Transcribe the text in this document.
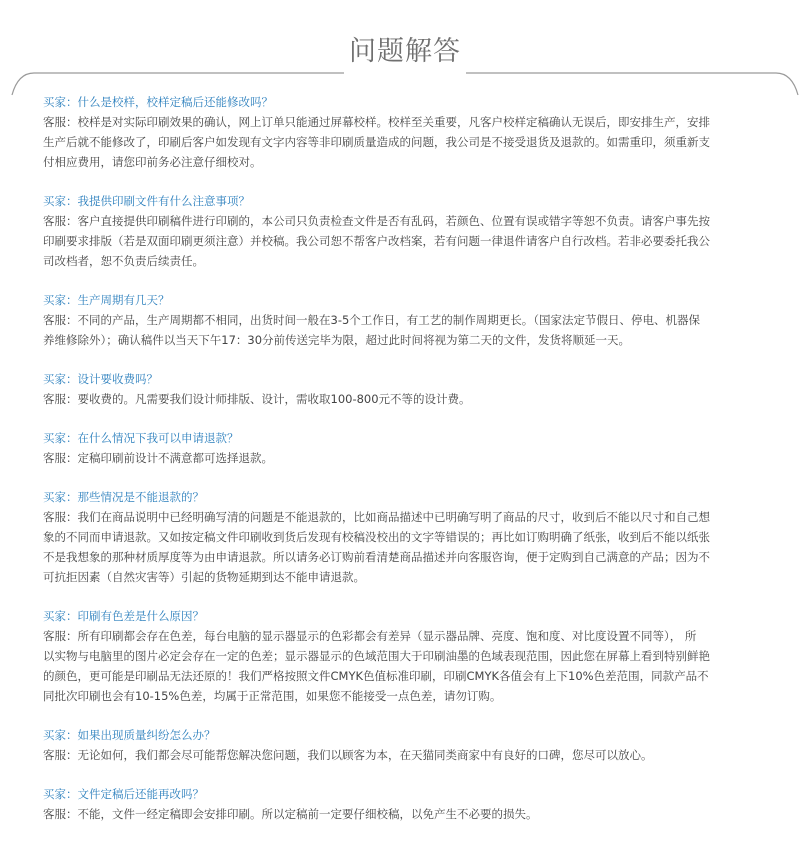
问题解答
买家：什么是校样，校样定稿后还能修改吗？

客服：校样是对实际印刷效果的确认，网上订单只能通过屏幕校样。校样至关重要，凡客户校样定稿确认无误后，即安排生产，安排

生产后就不能修改了，印刷后客户如发现有文字内容等非印刷质量造成的问题，我公司是不接受退货及退款的。如需重印，须重新支

付相应费用，请您印前务必注意仔细校对。

买家：我提供印刷文件有什么注意事项？

客服：客户直接提供印刷稿件进行印刷的，本公司只负责检查文件是否有乱码，若颜色、位置有误或错字等恕不负责。请客户事先按

印刷要求排版（若是双面印刷更须注意）并校稿。我公司恕不帮客户改档案，若有问题一律退件请客户自行改档。若非必要委托我公

司改档者，恕不负责后续责任。

买家：生产周期有几天？

客服：不同的产品，生产周期都不相同，出货时间一般在3-5个工作日，有工艺的制作周期更长。（国家法定节假日、停电、机器保

养维修除外）；确认稿件以当天下午17：30分前传送完毕为限，超过此时间将视为第二天的文件，发货将顺延一天。

买家：设计要收费吗？

客服：要收费的。凡需要我们设计师排版、设计，需收取100-800元不等的设计费。

买家：在什么情况下我可以申请退款？

客服：定稿印刷前设计不满意都可选择退款。

买家：那些情况是不能退款的？

客服：我们在商品说明中已经明确写清的问题是不能退款的，比如商品描述中已明确写明了商品的尺寸，收到后不能以尺寸和自己想

象的不同而申请退款。又如按定稿文件印刷收到货后发现有校稿没校出的文字等错误的；再比如订购明确了纸张，收到后不能以纸张

不是我想象的那种材质厚度等为由申请退款。所以请务必订购前看清楚商品描述并向客服咨询，便于定购到自己满意的产品；因为不

可抗拒因素（自然灾害等）引起的货物延期到达不能申请退款。

买家：印刷有色差是什么原因？

客服：所有印刷都会存在色差，每台电脑的显示器显示的色彩都会有差异（显示器品牌、亮度、饱和度、对比度设置不同等）， 所

以实物与电脑里的图片必定会存在一定的色差；显示器显示的色域范围大于印刷油墨的色域表现范围，因此您在屏幕上看到特别鲜艳

的颜色，更可能是印刷品无法还原的！我们严格按照文件CMYK色值标准印刷，印刷CMYK各值会有上下10%色差范围，同款产品不

同批次印刷也会有10-15%色差，均属于正常范围，如果您不能接受一点色差，请勿订购。

买家：如果出现质量纠纷怎么办？

客服：无论如何，我们都会尽可能帮您解决您问题，我们以顾客为本，在天猫同类商家中有良好的口碑，您尽可以放心。

买家：文件定稿后还能再改吗？

客服：不能，文件一经定稿即会安排印刷。所以定稿前一定要仔细校稿，以免产生不必要的损失。
